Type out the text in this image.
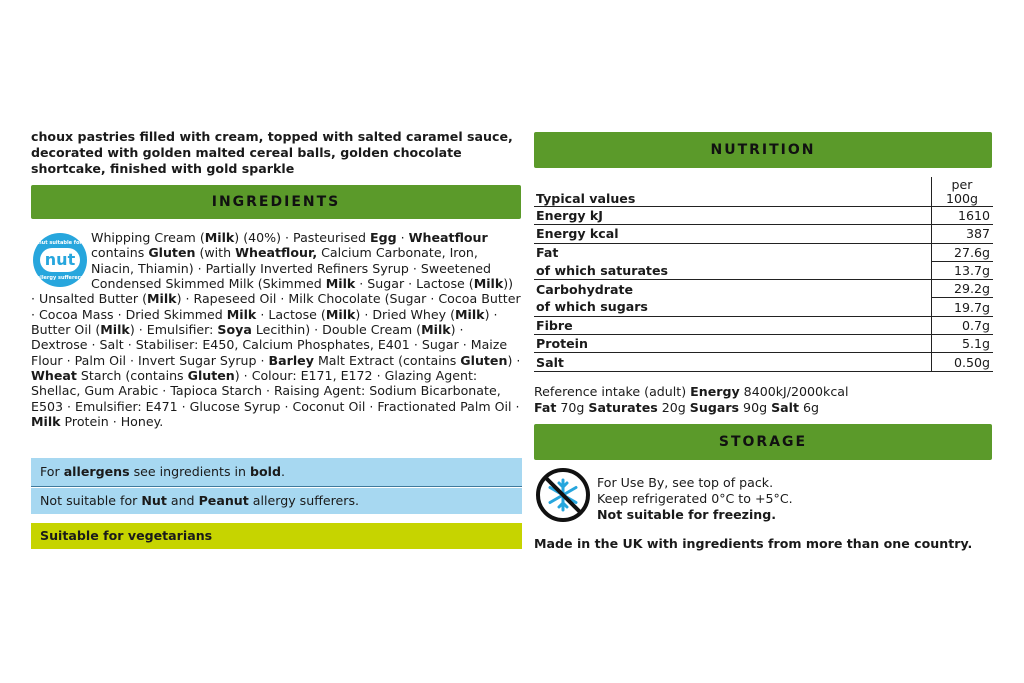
choux pastries filled with cream, topped with salted caramel sauce, decorated with golden malted cereal balls, golden chocolate shortcake, finished with gold sparkle
INGREDIENTS
Whipping Cream (Milk) (40%) · Pasteurised Egg · Wheatflour contains Gluten (with Wheatflour, Calcium Carbonate, Iron, Niacin, Thiamin) · Partially Inverted Refiners Syrup · Sweetened Condensed Skimmed Milk (Skimmed Milk · Sugar · Lactose (Milk)) · Unsalted Butter (Milk) · Rapeseed Oil · Milk Chocolate (Sugar · Cocoa Butter · Cocoa Mass · Dried Skimmed Milk · Lactose (Milk) · Dried Whey (Milk) · Butter Oil (Milk) · Emulsifier: Soya Lecithin) · Double Cream (Milk) · Dextrose · Salt · Stabiliser: E450, Calcium Phosphates, E401 · Sugar · Maize Flour · Palm Oil · Invert Sugar Syrup · Barley Malt Extract (contains Gluten) · Wheat Starch (contains Gluten) · Colour: E171, E172 · Glazing Agent: Shellac, Gum Arabic · Tapioca Starch · Raising Agent: Sodium Bicarbonate, E503 · Emulsifier: E471 · Glucose Syrup · Coconut Oil · Fractionated Palm Oil · Milk Protein · Honey.
nut suitable for
nut
allergy sufferers
For allergens see ingredients in bold.
Not suitable for Nut and Peanut allergy sufferers.
Suitable for vegetarians
NUTRITION
Typical values	per
100g
Energy kJ	1610
Energy kcal	387
Fat	27.6g
of which saturates	13.7g
Carbohydrate	29.2g
of which sugars	19.7g
Fibre	0.7g
Protein	5.1g
Salt	0.50g
Reference intake (adult) Energy 8400kJ/2000kcal
Fat 70g Saturates 20g Sugars 90g Salt 6g
STORAGE
For Use By, see top of pack.
Keep refrigerated 0°C to +5°C.
Not suitable for freezing.
Made in the UK with ingredients from more than one country.
